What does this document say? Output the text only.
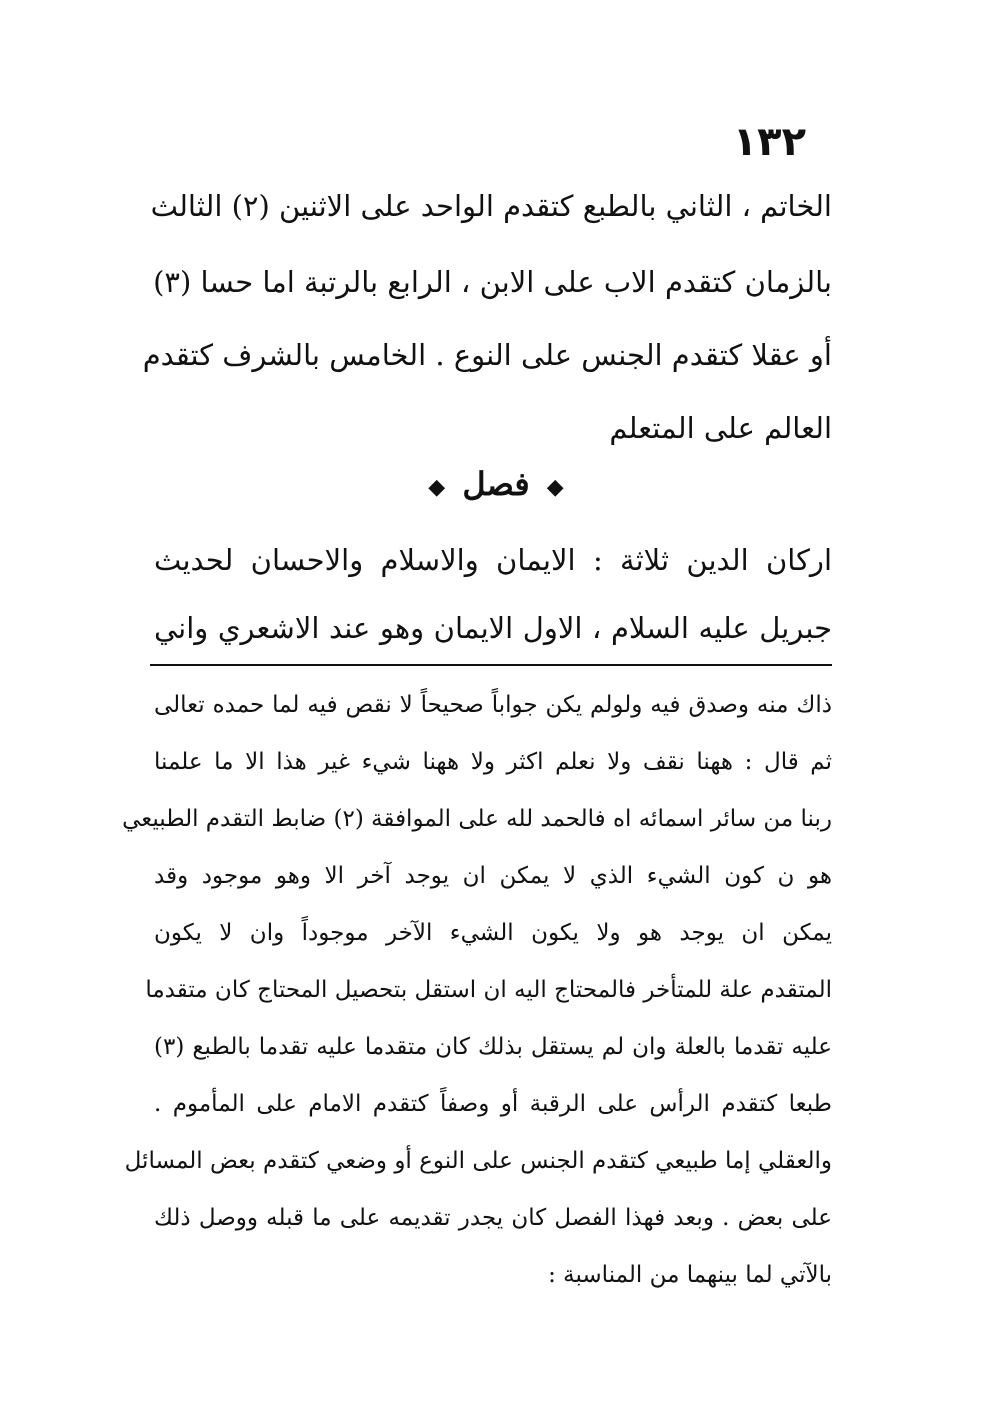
١٣٢

الخاتم ، الثاني بالطبع كتقدم الواحد على الاثنين (٢) الثالث

بالزمان كتقدم الاب على الابن ، الرابع بالرتبة اما حسا (٣)

أو عقلا كتقدم الجنس على النوع . الخامس بالشرف كتقدم

العالم على المتعلم

◆ فصل ◆

اركان الدين ثلاثة : الايمان والاسلام والاحسان لحديث

جبريل عليه السلام ، الاول الايمان وهو عند الاشعري واني

ذاك منه وصدق فيه ولولم يكن جواباً صحيحاً لا نقص فيه لما حمده تعالى

ثم قال : ههنا نقف ولا نعلم اكثر ولا ههنا شيء غير هذا الا ما علمنا

ربنا من سائر اسمائه اه فالحمد لله على الموافقة (٢) ضابط التقدم الطبيعي

هو ن كون الشيء الذي لا يمكن ان يوجد آخر الا وهو موجود وقد

يمكن ان يوجد هو ولا يكون الشيء الآخر موجوداً وان لا يكون

المتقدم علة للمتأخر فالمحتاج اليه ان استقل بتحصيل المحتاج كان متقدما

عليه تقدما بالعلة وان لم يستقل بذلك كان متقدما عليه تقدما بالطبع (٣)

طبعا كتقدم الرأس على الرقبة أو وصفاً كتقدم الامام على المأموم .

والعقلي إما طبيعي كتقدم الجنس على النوع أو وضعي كتقدم بعض المسائل

على بعض . وبعد فهذا الفصل كان يجدر تقديمه على ما قبله ووصل ذلك

بالآتي لما بينهما من المناسبة :
